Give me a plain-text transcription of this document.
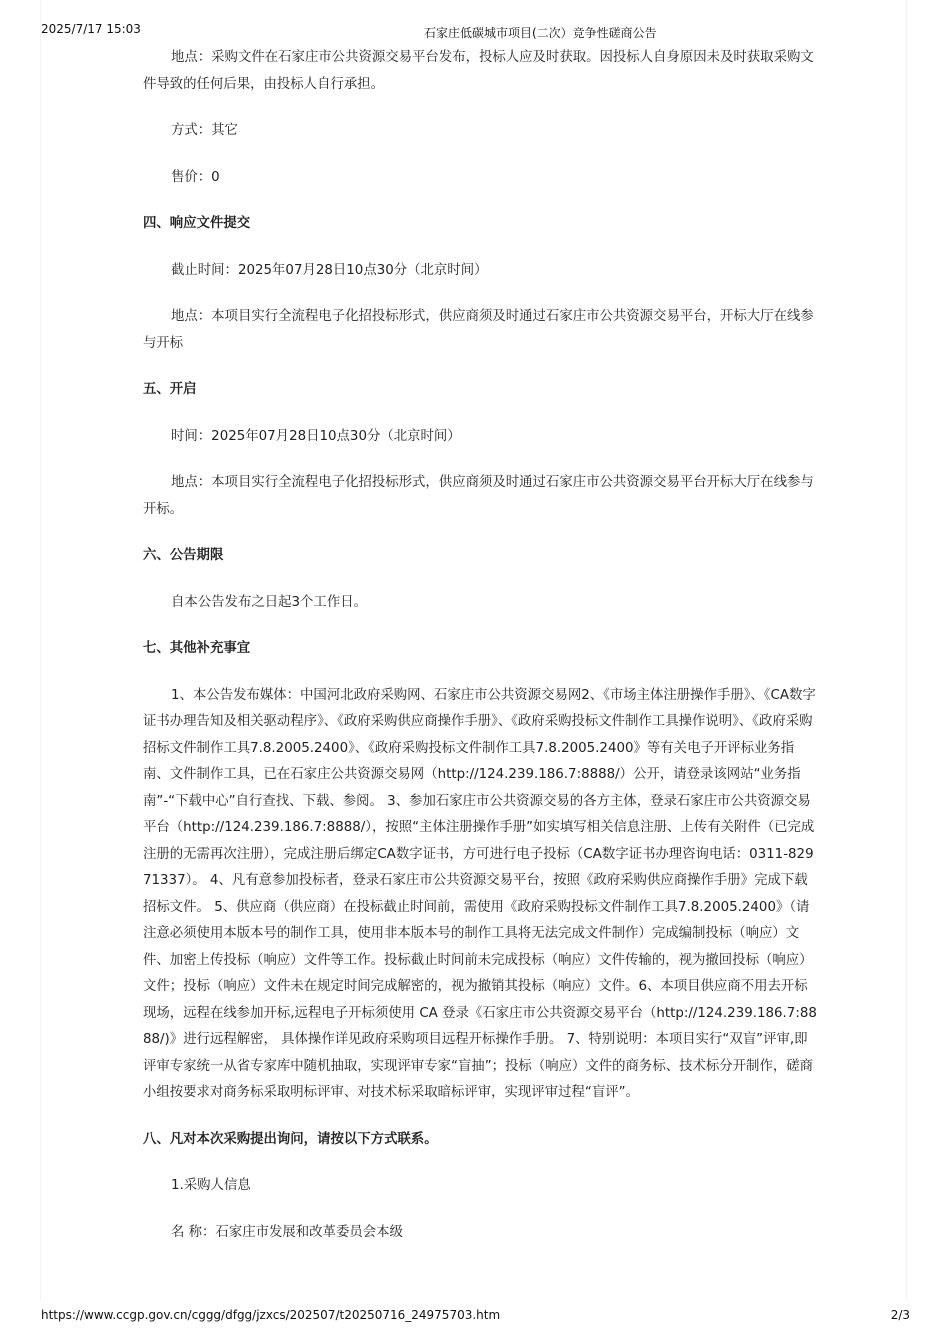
2025/7/17 15:03	石家庄低碳城市项目(二次）竞争性磋商公告

地点：采购文件在石家庄市公共资源交易平台发布，投标人应及时获取。因投标人自身原因未及时获取采购文件导致的任何后果，由投标人自行承担。

方式：其它

售价：0

四、响应文件提交

截止时间：2025年07月28日10点30分（北京时间）

地点：本项目实行全流程电子化招投标形式，供应商须及时通过石家庄市公共资源交易平台，开标大厅在线参与开标

五、开启

时间：2025年07月28日10点30分（北京时间）

地点：本项目实行全流程电子化招投标形式，供应商须及时通过石家庄市公共资源交易平台开标大厅在线参与开标。

六、公告期限

自本公告发布之日起3个工作日。

七、其他补充事宜

1、本公告发布媒体：中国河北政府采购网、石家庄市公共资源交易网2、《市场主体注册操作手册》、《CA数字证书办理告知及相关驱动程序》、《政府采购供应商操作手册》、《政府采购投标文件制作工具操作说明》、《政府采购招标文件制作工具7.8.2005.2400》、《政府采购投标文件制作工具7.8.2005.2400》等有关电子开评标业务指南、文件制作工具，已在石家庄公共资源交易网（http://124.239.186.7:8888/）公开，请登录该网站“业务指南”-“下载中心”自行查找、下载、参阅。 3、参加石家庄市公共资源交易的各方主体，登录石家庄市公共资源交易平台（http://124.239.186.7:8888/），按照“主体注册操作手册”如实填写相关信息注册、上传有关附件（已完成注册的无需再次注册），完成注册后绑定CA数字证书，方可进行电子投标（CA数字证书办理咨询电话：0311-82971337）。 4、凡有意参加投标者，登录石家庄市公共资源交易平台，按照《政府采购供应商操作手册》完成下载招标文件。 5、供应商（供应商）在投标截止时间前，需使用《政府采购投标文件制作工具7.8.2005.2400》（请注意必须使用本版本号的制作工具，使用非本版本号的制作工具将无法完成文件制作）完成编制投标（响应）文件、加密上传投标（响应）文件等工作。投标截止时间前未完成投标（响应）文件传输的，视为撤回投标（响应）文件；投标（响应）文件未在规定时间完成解密的，视为撤销其投标（响应）文件。6、本项目供应商不用去开标现场，远程在线参加开标,远程电子开标须使用 CA 登录《石家庄市公共资源交易平台（http://124.239.186.7:8888/)》进行远程解密， 具体操作详见政府采购项目远程开标操作手册。 7、特别说明：本项目实行“双盲”评审,即评审专家统一从省专家库中随机抽取，实现评审专家“盲抽”；投标（响应）文件的商务标、技术标分开制作，磋商小组按要求对商务标采取明标评审、对技术标采取暗标评审，实现评审过程“盲评”。

八、凡对本次采购提出询问，请按以下方式联系。

1.采购人信息

名 称：石家庄市发展和改革委员会本级

https://www.ccgp.gov.cn/cggg/dfgg/jzxcs/202507/t20250716_24975703.htm	2/3
